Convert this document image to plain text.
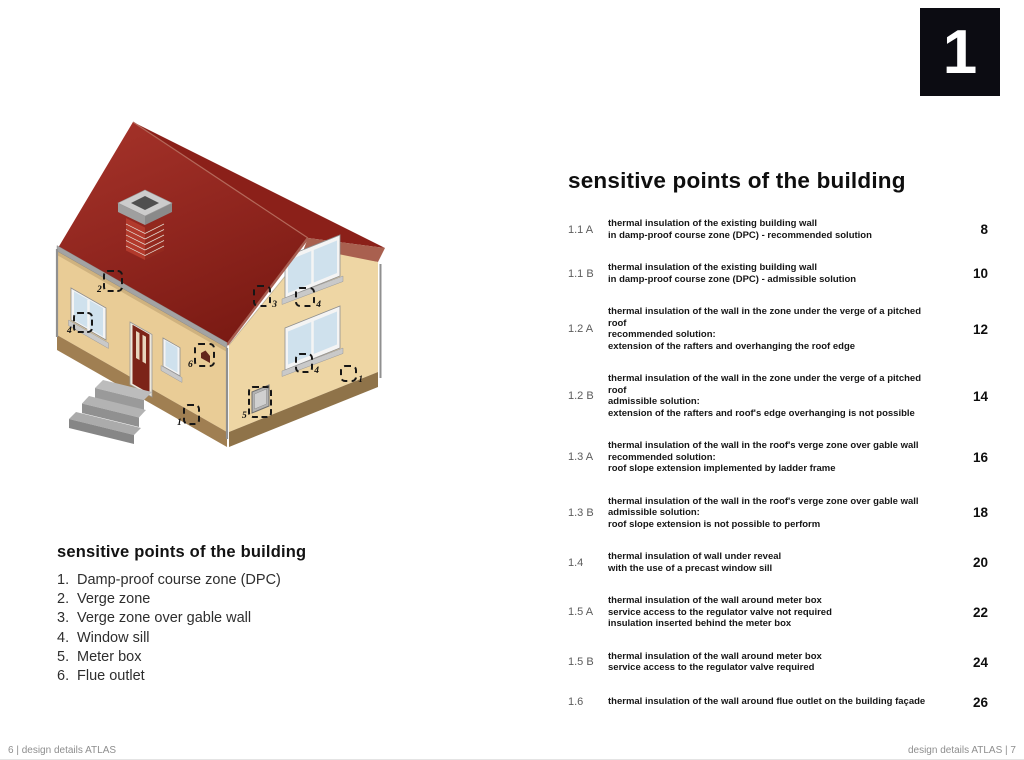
1
2
4
3	4
6
1
5
4
1
sensitive points of the building
1. Damp-proof course zone (DPC)
2. Verge zone
3. Verge zone over gable wall
4. Window sill
5. Meter box
6. Flue outlet
sensitive points of the building
1.1 A	thermal insulation of the existing building wall
in damp-proof course zone (DPC) - recommended solution	8
1.1 B	thermal insulation of the existing building wall
in damp-proof course zone (DPC) - admissible solution	10
1.2 A
thermal insulation of the wall in the zone under the verge of a pitched roof
recommended solution:
extension of the rafters and overhanging the roof edge
12
1.2 B
thermal insulation of the wall in the zone under the verge of a pitched roof
admissible solution:
extension of the rafters and roof's edge overhanging is not possible
14
1.3 A
thermal insulation of the wall in the roof's verge zone over gable wall
recommended solution:
roof slope extension implemented by ladder frame
16
1.3 B
thermal insulation of the wall in the roof's verge zone over gable wall
admissible solution:
roof slope extension is not possible to perform
18
1.4	thermal insulation of wall under reveal
with the use of a precast window sill	20
1.5 A
thermal insulation of the wall around meter box
service access to the regulator valve not required
insulation inserted behind the meter box
22
1.5 B	thermal insulation of the wall around meter box
service access to the regulator valve required	24
1.6	thermal insulation of the wall around flue outlet on the building façade	26
6 | design details ATLAS	design details ATLAS | 7
